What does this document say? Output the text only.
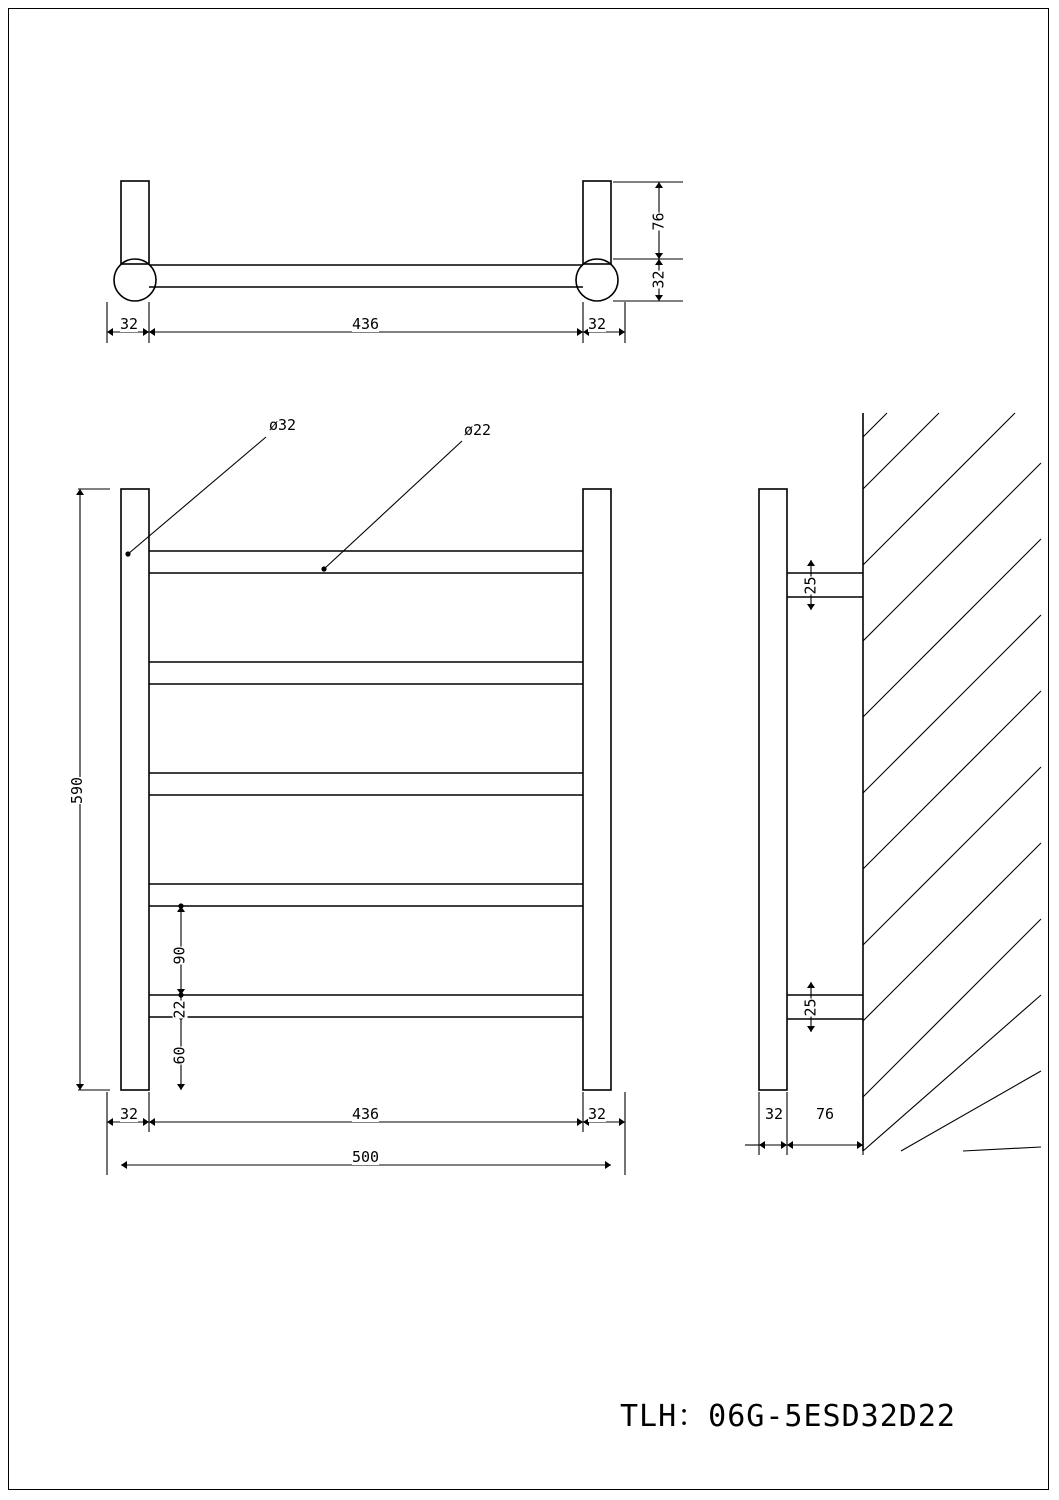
76
32
32	436	32
ø32	ø22
590
90
22
60
32	436	32
500
25
25
32 76
TLH：06G-5ESD32D22
